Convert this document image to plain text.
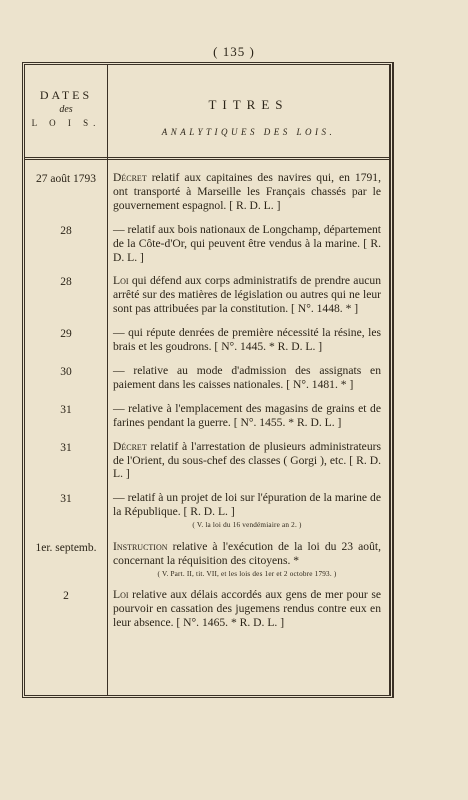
( 135 )
DATES
des
L O I S.
TITRES
ANALYTIQUES DES LOIS.
27 août 1793	Décret relatif aux capitaines des navires qui, en 1791, ont transporté à Marseille les Français chassés par le gouvernement espagnol. [ R. D. L. ]
28	— relatif aux bois nationaux de Longchamp, département de la Côte-d'Or, qui peuvent être vendus à la marine. [ R. D. L. ]
28	Loi qui défend aux corps administratifs de prendre aucun arrêté sur des matières de législation ou autres qui ne leur sont pas attribuées par la constitution. [ N°. 1448. * ]
29	— qui répute denrées de première nécessité la résine, les brais et les goudrons. [ N°. 1445. * R. D. L. ]
30	— relative au mode d'admission des assignats en paiement dans les caisses nationales. [ N°. 1481. * ]
31	— relative à l'emplacement des magasins de grains et de farines pendant la guerre. [ N°. 1455. * R. D. L. ]
31	Décret relatif à l'arrestation de plusieurs administrateurs de l'Orient, du sous-chef des classes ( Gorgi ), etc. [ R. D. L. ]
31	— relatif à un projet de loi sur l'épuration de la marine de la République. [ R. D. L. ]
( V. la loi du 16 vendémiaire an 2. )
1er. septemb.	Instruction relative à l'exécution de la loi du 23 août, concernant la réquisition des citoyens. *
( V. Part. II, tit. VII, et les lois des 1er et 2 octobre 1793. )
2	Loi relative aux délais accordés aux gens de mer pour se pourvoir en cassation des jugemens rendus contre eux en leur absence. [ N°. 1465. * R. D. L. ]
